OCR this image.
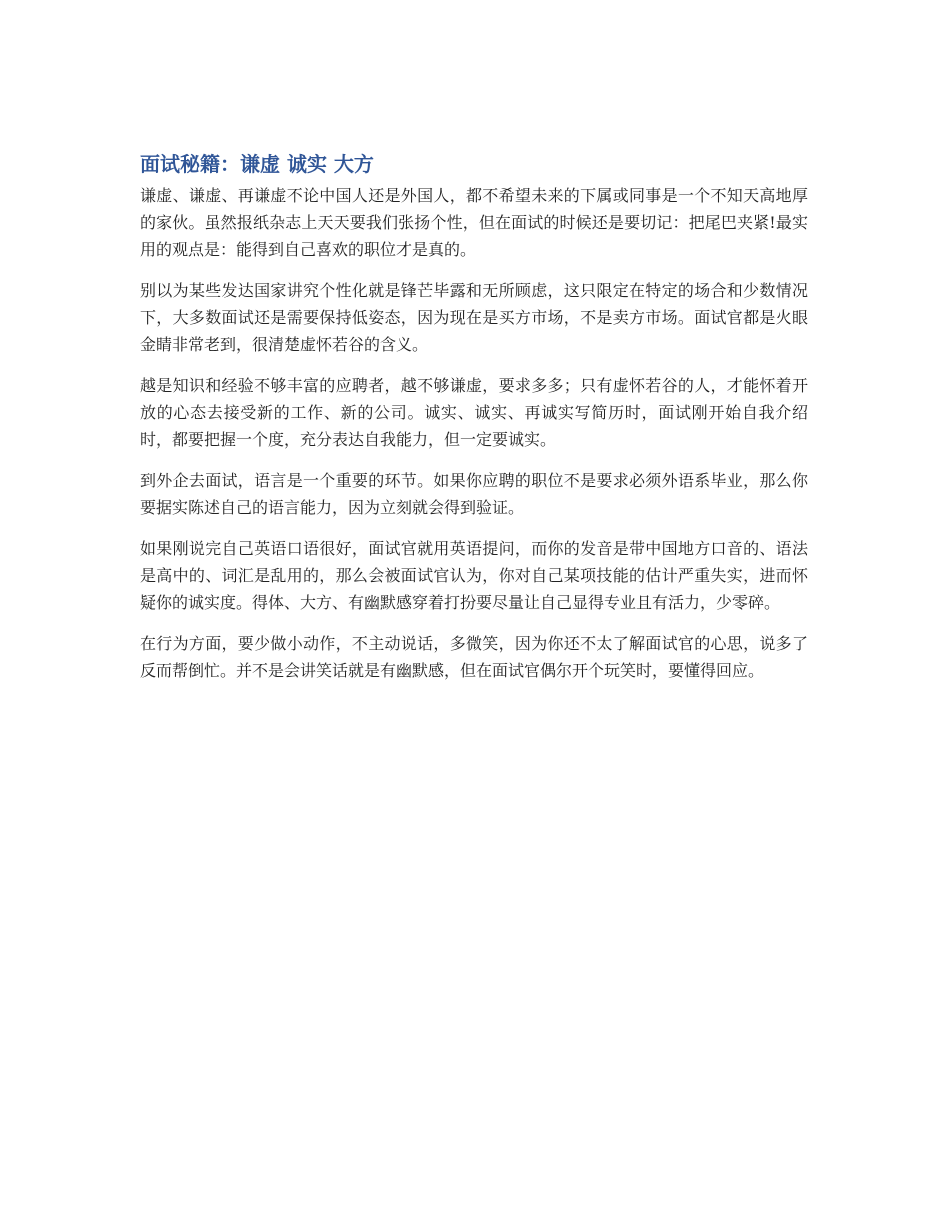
面试秘籍：谦虚 诚实 大方

谦虚、谦虚、再谦虚不论中国人还是外国人，都不希望未来的下属或同事是一个不知天高地厚的家伙。虽然报纸杂志上天天要我们张扬个性，但在面试的时候还是要切记：把尾巴夹紧!最实用的观点是：能得到自己喜欢的职位才是真的。

别以为某些发达国家讲究个性化就是锋芒毕露和无所顾虑，这只限定在特定的场合和少数情况下，大多数面试还是需要保持低姿态，因为现在是买方市场，不是卖方市场。面试官都是火眼金睛非常老到，很清楚虚怀若谷的含义。

越是知识和经验不够丰富的应聘者，越不够谦虚，要求多多；只有虚怀若谷的人，才能怀着开放的心态去接受新的工作、新的公司。诚实、诚实、再诚实写简历时，面试刚开始自我介绍时，都要把握一个度，充分表达自我能力，但一定要诚实。

到外企去面试，语言是一个重要的环节。如果你应聘的职位不是要求必须外语系毕业，那么你要据实陈述自己的语言能力，因为立刻就会得到验证。

如果刚说完自己英语口语很好，面试官就用英语提问，而你的发音是带中国地方口音的、语法是高中的、词汇是乱用的，那么会被面试官认为，你对自己某项技能的估计严重失实，进而怀疑你的诚实度。得体、大方、有幽默感穿着打扮要尽量让自己显得专业且有活力，少零碎。

在行为方面，要少做小动作，不主动说话，多微笑，因为你还不太了解面试官的心思，说多了反而帮倒忙。并不是会讲笑话就是有幽默感，但在面试官偶尔开个玩笑时，要懂得回应。
